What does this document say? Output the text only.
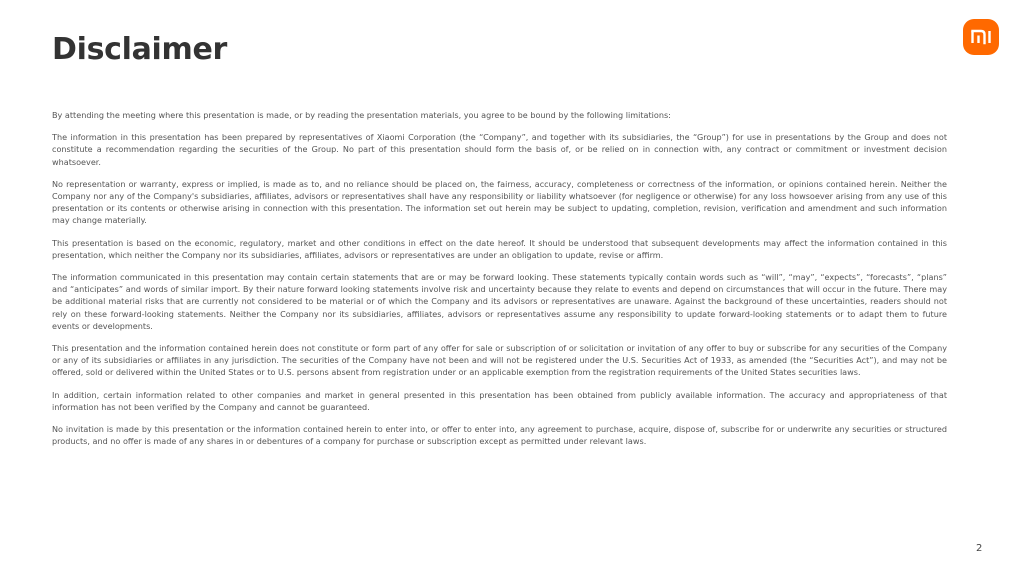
Disclaimer

By attending the meeting where this presentation is made, or by reading the presentation materials, you agree to be bound by the following limitations:

The information in this presentation has been prepared by representatives of Xiaomi Corporation (the “Company”, and together with its subsidiaries, the “Group”) for use in presentations by the Group and does not constitute a recommendation regarding the securities of the Group. No part of this presentation should form the basis of, or be relied on in connection with, any contract or commitment or investment decision whatsoever.

No representation or warranty, express or implied, is made as to, and no reliance should be placed on, the fairness, accuracy, completeness or correctness of the information, or opinions contained herein. Neither the Company nor any of the Company's subsidiaries, affiliates, advisors or representatives shall have any responsibility or liability whatsoever (for negligence or otherwise) for any loss howsoever arising from any use of this presentation or its contents or otherwise arising in connection with this presentation. The information set out herein may be subject to updating, completion, revision, verification and amendment and such information may change materially.

This presentation is based on the economic, regulatory, market and other conditions in effect on the date hereof. It should be understood that subsequent developments may affect the information contained in this presentation, which neither the Company nor its subsidiaries, affiliates, advisors or representatives are under an obligation to update, revise or affirm.

The information communicated in this presentation may contain certain statements that are or may be forward looking. These statements typically contain words such as “will”, “may”, “expects”, “forecasts”, “plans” and “anticipates” and words of similar import. By their nature forward looking statements involve risk and uncertainty because they relate to events and depend on circumstances that will occur in the future. There may be additional material risks that are currently not considered to be material or of which the Company and its advisors or representatives are unaware. Against the background of these uncertainties, readers should not rely on these forward-looking statements. Neither the Company nor its subsidiaries, affiliates, advisors or representatives assume any responsibility to update forward-looking statements or to adapt them to future events or developments.

This presentation and the information contained herein does not constitute or form part of any offer for sale or subscription of or solicitation or invitation of any offer to buy or subscribe for any securities of the Company or any of its subsidiaries or affiliates in any jurisdiction. The securities of the Company have not been and will not be registered under the U.S. Securities Act of 1933, as amended (the “Securities Act”), and may not be offered, sold or delivered within the United States or to U.S. persons absent from registration under or an applicable exemption from the registration requirements of the United States securities laws.

In addition, certain information related to other companies and market in general presented in this presentation has been obtained from publicly available information. The accuracy and appropriateness of that information has not been verified by the Company and cannot be guaranteed.

No invitation is made by this presentation or the information contained herein to enter into, or offer to enter into, any agreement to purchase, acquire, dispose of, subscribe for or underwrite any securities or structured products, and no offer is made of any shares in or debentures of a company for purchase or subscription except as permitted under relevant laws.

2
